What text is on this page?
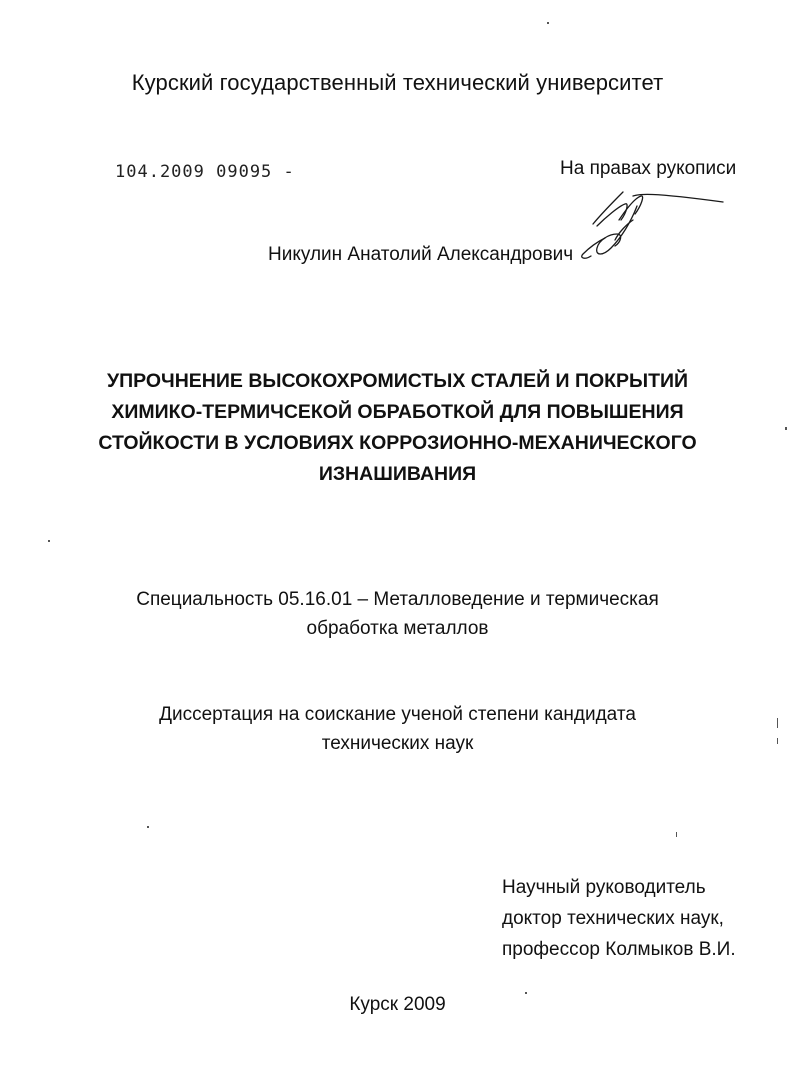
Курский государственный технический университет
104.2009 09095 -	На правах рукописи
Никулин Анатолий Александрович
УПРОЧНЕНИЕ ВЫСОКОХРОМИСТЫХ СТАЛЕЙ И ПОКРЫТИЙ
ХИМИКО-ТЕРМИЧСЕКОЙ ОБРАБОТКОЙ ДЛЯ ПОВЫШЕНИЯ
СТОЙКОСТИ В УСЛОВИЯХ КОРРОЗИОННО-МЕХАНИЧЕСКОГО
ИЗНАШИВАНИЯ
Специальность 05.16.01 – Металловедение и термическая
обработка металлов
Диссертация на соискание ученой степени кандидата
технических наук
Научный руководитель
доктор технических наук,
профессор Колмыков В.И.
Курск 2009
